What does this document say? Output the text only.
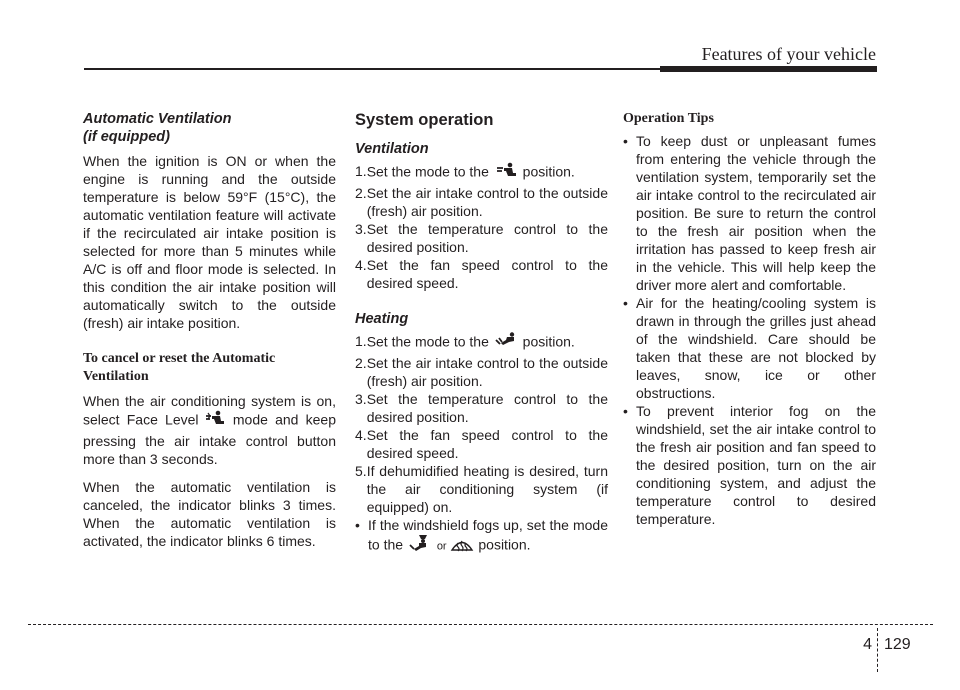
Features of your vehicle

Automatic Ventilation
(if equipped)

When the ignition is ON or when the engine is running and the outside temperature is below 59°F (15°C), the automatic ventilation feature will activate if the recirculated air intake position is selected for more than 5 minutes while A/C is off and floor mode is selected. In this condition the air intake position will automatically switch to the outside (fresh) air intake position.

To cancel or reset the Automatic
Ventilation

When the air conditioning system is on, select Face Level  mode and keep pressing the air intake control button more than 3 seconds.

When the automatic ventilation is canceled, the indicator blinks 3 times. When the automatic ventilation is activated, the indicator blinks 6 times.

System operation

Ventilation

1. Set the mode to the  position.
2. Set the air intake control to the outside (fresh) air position.
3. Set the temperature control to the desired position.
4. Set the fan speed control to the desired speed.

Heating

1. Set the mode to the  position.
2. Set the air intake control to the outside (fresh) air position.
3. Set the temperature control to the desired position.
4. Set the fan speed control to the desired speed.
5. If dehumidified heating is desired, turn the air conditioning system (if equipped) on.
• If the windshield fogs up, set the mode to the	or  position.

Operation Tips

• To keep dust or unpleasant fumes from entering the vehicle through the ventilation system, temporarily set the air intake control to the recirculated air position. Be sure to return the control to the fresh air position when the irritation has passed to keep fresh air in the vehicle. This will help keep the driver more alert and comfortable.
• Air for the heating/cooling system is drawn in through the grilles just ahead of the windshield. Care should be taken that these are not blocked by leaves, snow, ice or other obstructions.
• To prevent interior fog on the windshield, set the air intake control to the fresh air position and fan speed to the desired position, turn on the air conditioning system, and adjust the temperature control to desired temperature.
4 129
